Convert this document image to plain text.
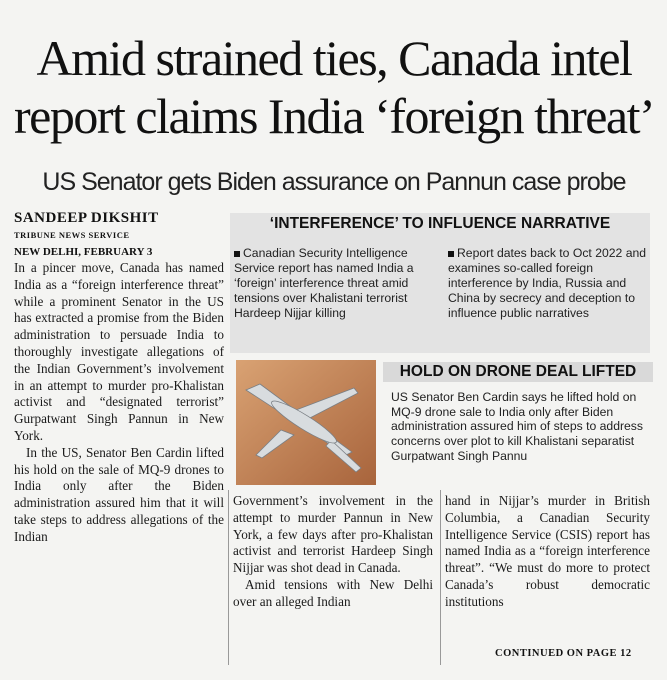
Amid strained ties, Canada intel
report claims India ‘foreign threat’
US Senator gets Biden assurance on Pannun case probe
SANDEEP DIKSHIT
TRIBUNE NEWS SERVICE
NEW DELHI, FEBRUARY 3

In a pincer move, Canada has named India as a “foreign interference threat” while a prominent Senator in the US has extracted a promise from the Biden administration to persuade India to thoroughly investigate allegations of the Indian Government’s involvement in an attempt to murder pro-Khalistan activist and “designated terrorist” Gurpatwant Singh Pannun in New York.

In the US, Senator Ben Cardin lifted his hold on the sale of MQ-9 drones to India only after the Biden administration assured him that it will take steps to address allegations of the Indian

‘INTERFERENCE’ TO INFLUENCE NARRATIVE
Canadian Security Intelligence Service report has named India a ‘foreign’ interference threat amid tensions over Khalistani terrorist Hardeep Nijjar killing
Report dates back to Oct 2022 and examines so-called foreign interference by India, Russia and China by secrecy and deception to influence public narratives
HOLD ON DRONE DEAL LIFTED
US Senator Ben Cardin says he lifted hold on MQ-9 drone sale to India only after Biden administration assured him of steps to address concerns over plot to kill Khalistani separatist Gurpatwant Singh Pannu

Government’s involvement in the attempt to murder Pannun in New York, a few days after pro-Khalistan activist and terrorist Hardeep Singh Nijjar was shot dead in Canada.

Amid tensions with New Delhi over an alleged Indian

hand in Nijjar’s murder in British Columbia, a Canadian Security Intelligence Service (CSIS) report has named India as a “foreign interference threat”. “We must do more to protect Canada’s robust democratic institutions

CONTINUED ON PAGE 12
